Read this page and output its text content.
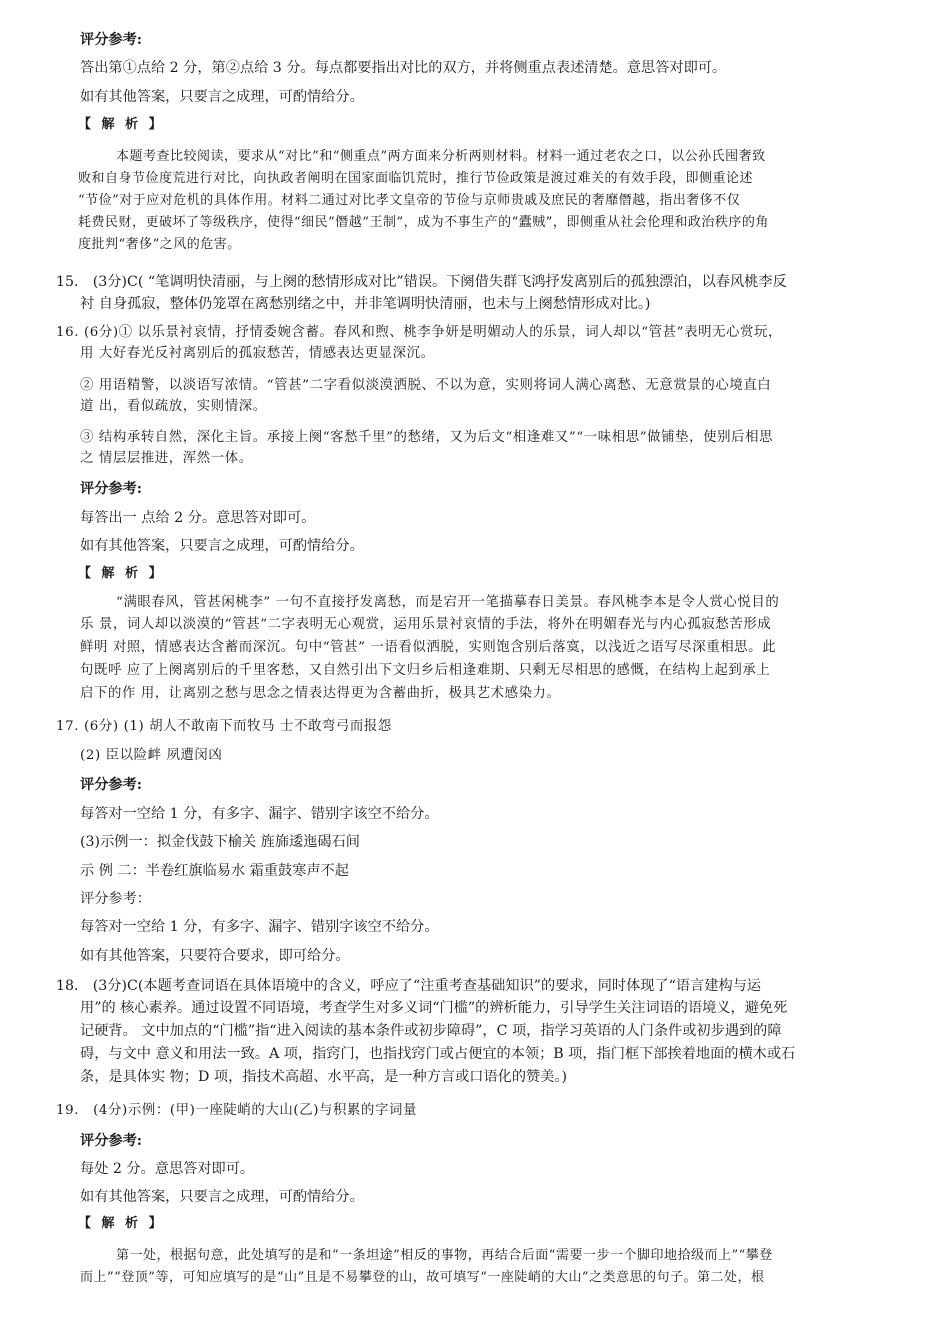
评分参考:
答出第①点给 2 分，第②点给 3 分。每点都要指出对比的双方，并将侧重点表述清楚。意思答对即可。
如有其他答案，只要言之成理，可酌情给分。
【 解 析 】
本题考查比较阅读，要求从“对比”和“侧重点”两方面来分析两则材料。材料一通过老农之口，以公孙氏囤奢致
败和自身节俭度荒进行对比，向执政者阐明在国家面临饥荒时，推行节俭政策是渡过难关的有效手段，即侧重论述
“节俭”对于应对危机的具体作用。材料二通过对比孝文皇帝的节俭与京师贵戚及庶民的奢靡僭越，指出奢侈不仅
耗费民财，更破坏了等级秩序，使得“细民”僭越“王制”，成为不事生产的“蠹贼”，即侧重从社会伦理和政治秩序的角
度批判“奢侈”之风的危害。
15． (3分)C( “笔调明快清丽，与上阕的愁情形成对比”错误。下阕借失群飞鸿抒发离别后的孤独漂泊，以春风桃李反
衬 自身孤寂，整体仍笼罩在离愁别绪之中，并非笔调明快清丽，也未与上阕愁情形成对比。)
16. (6分)① 以乐景衬哀情，抒情委婉含蓄。春风和煦、桃李争妍是明媚动人的乐景，词人却以“管甚”表明无心赏玩，
用 大好春光反衬离别后的孤寂愁苦，情感表达更显深沉。
② 用语精警，以淡语写浓情。“管甚”二字看似淡漠洒脱、不以为意，实则将词人满心离愁、无意赏景的心境直白
道 出，看似疏放，实则情深。
③ 结构承转自然，深化主旨。承接上阕“客愁千里”的愁绪，又为后文“相逢难又”“一味相思”做铺垫，使别后相思
之 情层层推进，浑然一体。
评分参考:
每答出一 点给 2 分。意思答对即可。
如有其他答案，只要言之成理，可酌情给分。
【 解 析 】
“满眼春风，管甚闲桃李” 一句不直接抒发离愁，而是宕开一笔描摹春日美景。春风桃李本是令人赏心悦目的
乐 景，词人却以淡漠的“管甚”二字表明无心观赏，运用乐景衬哀情的手法，将外在明媚春光与内心孤寂愁苦形成
鲜明 对照，情感表达含蓄而深沉。句中“管甚” 一语看似洒脱，实则饱含别后落寞，以浅近之语写尽深重相思。此
句既呼 应了上阕离别后的千里客愁，又自然引出下文归乡后相逢难期、只剩无尽相思的感慨，在结构上起到承上
启下的作 用，让离别之愁与思念之情表达得更为含蓄曲折，极具艺术感染力。
17. (6分) (1) 胡人不敢南下而牧马 士不敢弯弓而报怨
(2) 臣以险衅 夙遭闵凶
评分参考:
每答对一空给 1 分，有多字、漏字、错别字该空不给分。
(3)示例一：拟金伐鼓下榆关 旌旆逶迤碣石间
示 例 二：半卷红旗临易水 霜重鼓寒声不起
评分参考：
每答对一空给 1 分，有多字、漏字、错别字该空不给分。
如有其他答案，只要符合要求，即可给分。
18． (3分)C(本题考查词语在具体语境中的含义，呼应了“注重考查基础知识”的要求，同时体现了“语言建构与运
用”的 核心素养。通过设置不同语境，考查学生对多义词“门槛”的辨析能力，引导学生关注词语的语境义，避免死
记硬背。 文中加点的“门槛”指“进入阅读的基本条件或初步障碍”，C 项，指学习英语的人门条件或初步遇到的障
碍，与文中 意义和用法一致。A 项，指窍门，也指找窍门或占便宜的本领；B 项，指门框下部挨着地面的横木或石
条，是具体实 物；D 项，指技术高超、水平高，是一种方言或口语化的赞美。)
19． (4分)示例：(甲)一座陡峭的大山(乙)与积累的字词量
评分参考:
每处 2 分。意思答对即可。
如有其他答案，只要言之成理，可酌情给分。
【 解 析 】
第一处，根据句意，此处填写的是和“一条坦途”相反的事物，再结合后面“需要一步一个脚印地拾级而上”“攀登
而上”“登顶”等，可知应填写的是“山”且是不易攀登的山，故可填写“一座陡峭的大山”之类意思的句子。第二处，根
